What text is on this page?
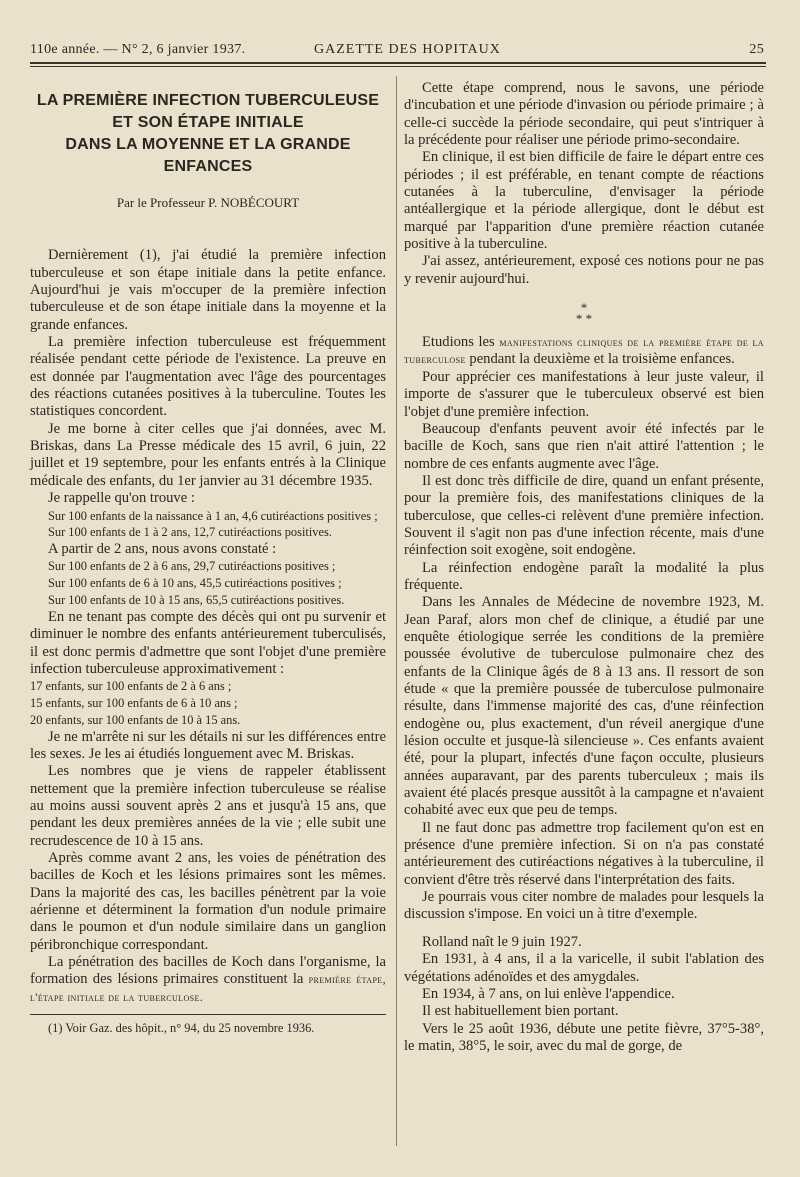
110e année. — N° 2, 6 janvier 1937.	GAZETTE DES HOPITAUX	25
LA PREMIÈRE INFECTION TUBERCULEUSE
ET SON ÉTAPE INITIALE
DANS LA MOYENNE ET LA GRANDE ENFANCES
Par le Professeur P. NOBÉCOURT

Dernièrement (1), j'ai étudié la première infection tuberculeuse et son étape initiale dans la petite enfance. Aujourd'hui je vais m'occuper de la première infection tuberculeuse et de son étape initiale dans la moyenne et la grande enfances.

La première infection tuberculeuse est fréquemment réalisée pendant cette période de l'existence. La preuve en est donnée par l'augmentation avec l'âge des pourcentages des réactions cutanées positives à la tuberculine. Toutes les statistiques concordent.

Je me borne à citer celles que j'ai données, avec M. Briskas, dans La Presse médicale des 15 avril, 6 juin, 22 juillet et 19 septembre, pour les enfants entrés à la Clinique médicale des enfants, du 1er janvier au 31 décembre 1935.

Je rappelle qu'on trouve :

Sur 100 enfants de la naissance à 1 an, 4,6 cutiréactions positives ;

Sur 100 enfants de 1 à 2 ans, 12,7 cutiréactions positives.

A partir de 2 ans, nous avons constaté :

Sur 100 enfants de 2 à 6 ans, 29,7 cutiréactions positives ;

Sur 100 enfants de 6 à 10 ans, 45,5 cutiréactions positives ;

Sur 100 enfants de 10 à 15 ans, 65,5 cutiréactions positives.

En ne tenant pas compte des décès qui ont pu survenir et diminuer le nombre des enfants antérieurement tuberculisés, il est donc permis d'admettre que sont l'objet d'une première infection tuberculeuse approximativement :

17 enfants, sur 100 enfants de 2 à 6 ans ;

15 enfants, sur 100 enfants de 6 à 10 ans ;

20 enfants, sur 100 enfants de 10 à 15 ans.

Je ne m'arrête ni sur les détails ni sur les différences entre les sexes. Je les ai étudiés longuement avec M. Briskas.

Les nombres que je viens de rappeler établissent nettement que la première infection tuberculeuse se réalise au moins aussi souvent après 2 ans et jusqu'à 15 ans, que pendant les deux premières années de la vie ; elle subit une recrudescence de 10 à 15 ans.

Après comme avant 2 ans, les voies de pénétration des bacilles de Koch et les lésions primaires sont les mêmes. Dans la majorité des cas, les bacilles pénètrent par la voie aérienne et déterminent la formation d'un nodule primaire dans le poumon et d'un nodule similaire dans un ganglion péribronchique correspondant.

La pénétration des bacilles de Koch dans l'organisme, la formation des lésions primaires constituent la première étape, l'étape initiale de la tuberculose.

(1) Voir Gaz. des hôpit., n° 94, du 25 novembre 1936.

Cette étape comprend, nous le savons, une période d'incubation et une période d'invasion ou période primaire ; à celle-ci succède la période secondaire, qui peut s'intriquer à la précédente pour réaliser une période primo-secondaire.

En clinique, il est bien difficile de faire le départ entre ces périodes ; il est préférable, en tenant compte de réactions cutanées à la tuberculine, d'envisager la période antéallergique et la période allergique, dont le début est marqué par l'apparition d'une première réaction cutanée positive à la tuberculine.

J'ai assez, antérieurement, exposé ces notions pour ne pas y revenir aujourd'hui.

*
* *

Etudions les manifestations cliniques de la première étape de la tuberculose pendant la deuxième et la troisième enfances.

Pour apprécier ces manifestations à leur juste valeur, il importe de s'assurer que le tuberculeux observé est bien l'objet d'une première infection.

Beaucoup d'enfants peuvent avoir été infectés par le bacille de Koch, sans que rien n'ait attiré l'attention ; le nombre de ces enfants augmente avec l'âge.

Il est donc très difficile de dire, quand un enfant présente, pour la première fois, des manifestations cliniques de la tuberculose, que celles-ci relèvent d'une première infection. Souvent il s'agit non pas d'une infection récente, mais d'une réinfection soit exogène, soit endogène.

La réinfection endogène paraît la modalité la plus fréquente.

Dans les Annales de Médecine de novembre 1923, M. Jean Paraf, alors mon chef de clinique, a étudié par une enquête étiologique serrée les conditions de la première poussée évolutive de tuberculose pulmonaire chez des enfants de la Clinique âgés de 8 à 13 ans. Il ressort de son étude « que la première poussée de tuberculose pulmonaire résulte, dans l'immense majorité des cas, d'une réinfection endogène ou, plus exactement, d'un réveil anergique d'une lésion occulte et jusque-là silencieuse ». Ces enfants avaient été, pour la plupart, infectés d'une façon occulte, plusieurs années auparavant, par des parents tuberculeux ; mais ils avaient été placés presque aussitôt à la campagne et n'avaient cohabité avec eux que peu de temps.

Il ne faut donc pas admettre trop facilement qu'on est en présence d'une première infection. Si on n'a pas constaté antérieurement des cutiréactions négatives à la tuberculine, il convient d'être très réservé dans l'interprétation des faits.

Je pourrais vous citer nombre de malades pour lesquels la discussion s'impose. En voici un à titre d'exemple.

Rolland naît le 9 juin 1927.

En 1931, à 4 ans, il a la varicelle, il subit l'ablation des végétations adénoïdes et des amygdales.

En 1934, à 7 ans, on lui enlève l'appendice.

Il est habituellement bien portant.

Vers le 25 août 1936, débute une petite fièvre, 37°5-38°, le matin, 38°5, le soir, avec du mal de gorge, de
